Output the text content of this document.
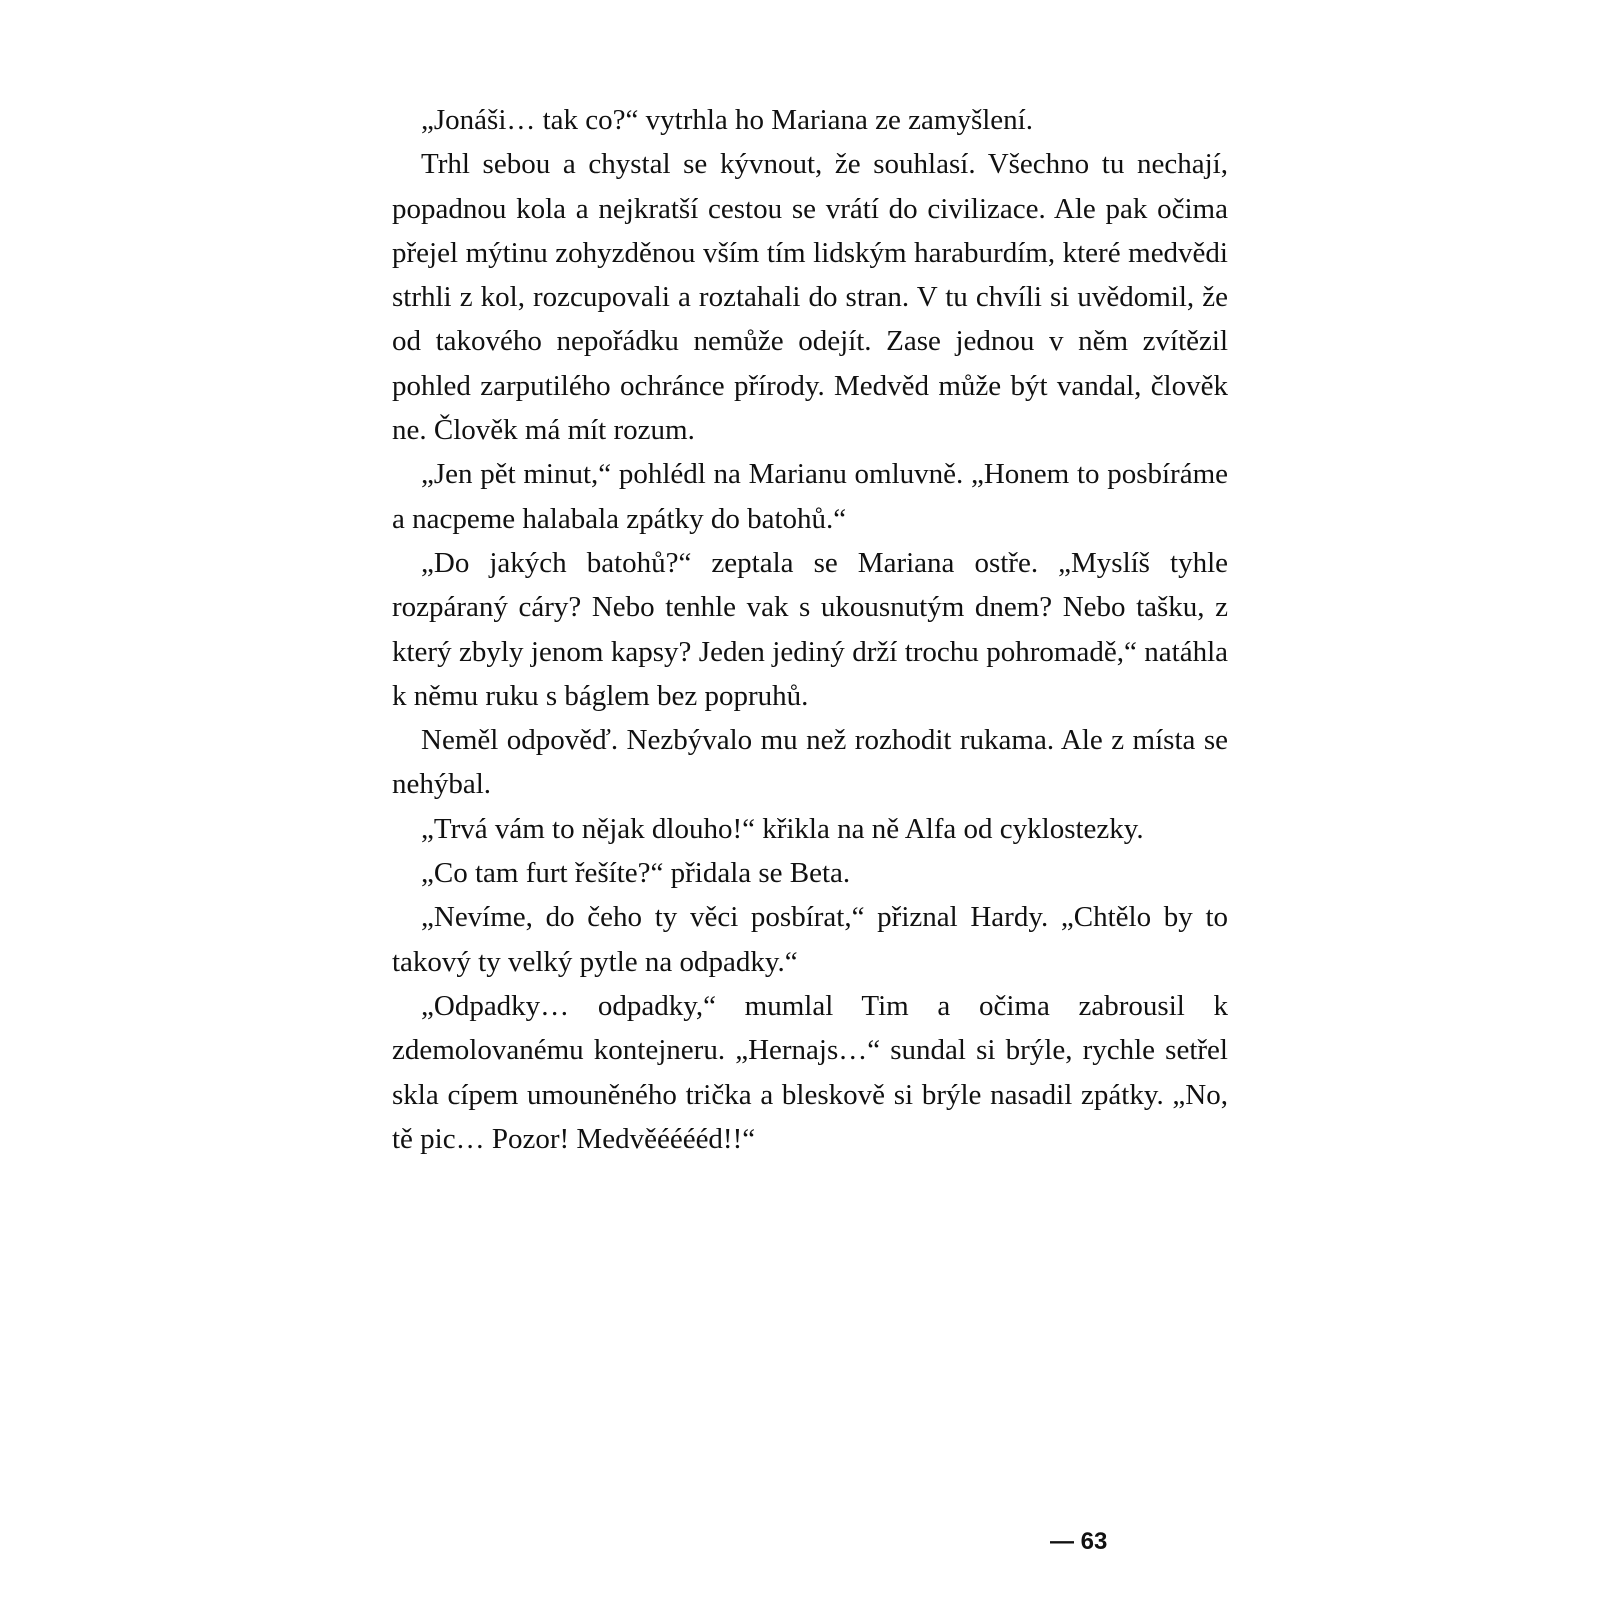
„Jonáši… tak co?“ vytrhla ho Mariana ze zamyšlení.

Trhl sebou a chystal se kývnout, že souhlasí. Všechno tu nechají, popadnou kola a nejkratší cestou se vrátí do civilizace. Ale pak očima přejel mýtinu zohyzděnou vším tím lidským haraburdím, které medvědi strhli z kol, rozcupovali a roztahali do stran. V tu chvíli si uvědomil, že od takového nepořádku nemůže odejít. Zase jednou v něm zvítězil pohled zarputilého ochránce přírody. Medvěd může být vandal, člověk ne. Člověk má mít rozum.

„Jen pět minut,“ pohlédl na Marianu omluvně. „Honem to posbíráme a nacpeme halabala zpátky do batohů.“

„Do jakých batohů?“ zeptala se Mariana ostře. „Myslíš tyhle rozpáraný cáry? Nebo tenhle vak s ukousnutým dnem? Nebo tašku, z který zbyly jenom kapsy? Jeden jediný drží trochu pohromadě,“ natáhla k němu ruku s báglem bez popruhů.

Neměl odpověď. Nezbývalo mu než rozhodit rukama. Ale z místa se nehýbal.

„Trvá vám to nějak dlouho!“ křikla na ně Alfa od cyklostezky.

„Co tam furt řešíte?“ přidala se Beta.

„Nevíme, do čeho ty věci posbírat,“ přiznal Hardy. „Chtělo by to takový ty velký pytle na odpadky.“

„Odpadky… odpadky,“ mumlal Tim a očima zabrousil k zdemolovanému kontejneru. „Hernajs…“ sundal si brýle, rychle setřel skla cípem umouněného trička a bleskově si brýle nasadil zpátky. „No, tě pic… Pozor! Medvěééééd!!“

— 63
